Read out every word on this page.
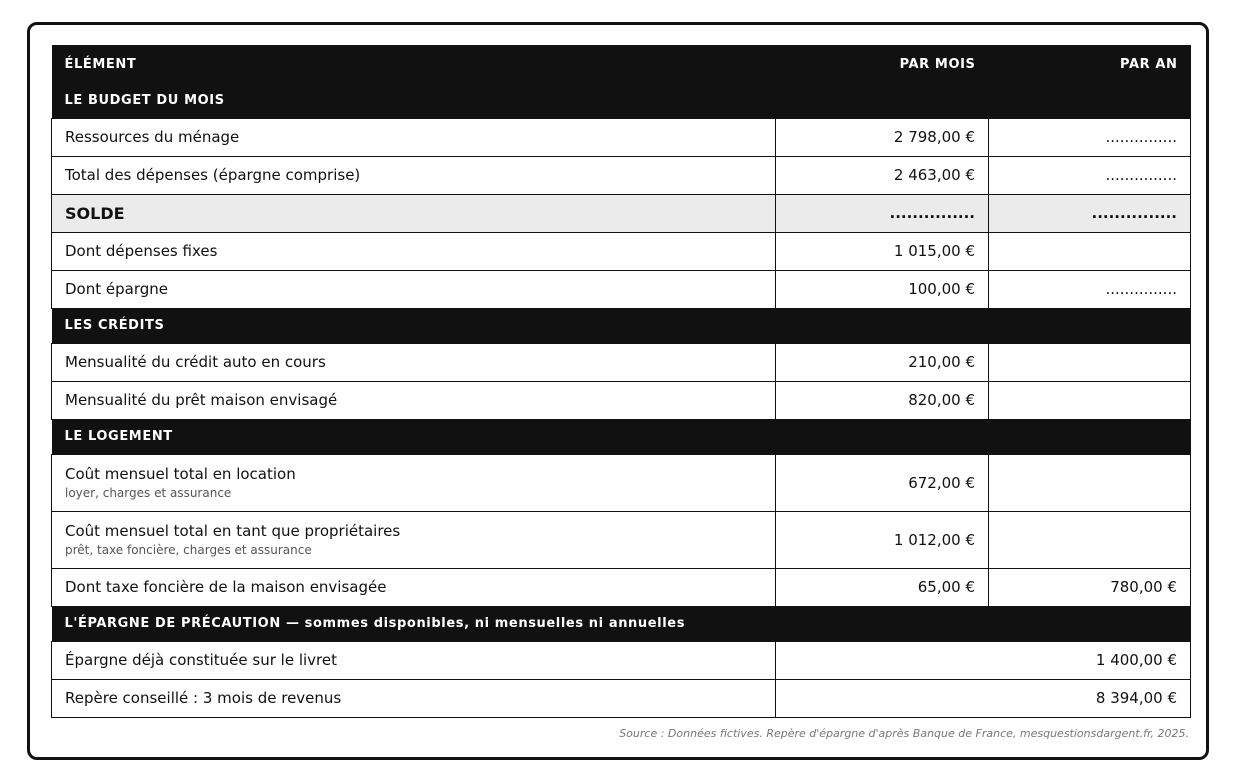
ÉLÉMENT	PAR MOIS	PAR AN
LE BUDGET DU MOIS		
Ressources du ménage	2 798,00 €	...............
Total des dépenses (épargne comprise)	2 463,00 €	...............
SOLDE	...............	...............
Dont dépenses fixes	1 015,00 €	
Dont épargne	100,00 €	...............
LES CRÉDITS		
Mensualité du crédit auto en cours	210,00 €	
Mensualité du prêt maison envisagé	820,00 €	
LE LOGEMENT		
Coût mensuel total en location
loyer, charges et assurance	672,00 €	
Coût mensuel total en tant que propriétaires
prêt, taxe foncière, charges et assurance	1 012,00 €	
Dont taxe foncière de la maison envisagée	65,00 €	780,00 €
L'ÉPARGNE DE PRÉCAUTION — sommes disponibles, ni mensuelles ni annuelles		
Épargne déjà constituée sur le livret	1 400,00 €	
Repère conseillé : 3 mois de revenus	8 394,00 €	
Source : Données fictives. Repère d'épargne d'après Banque de France, mesquestionsdargent.fr, 2025.
